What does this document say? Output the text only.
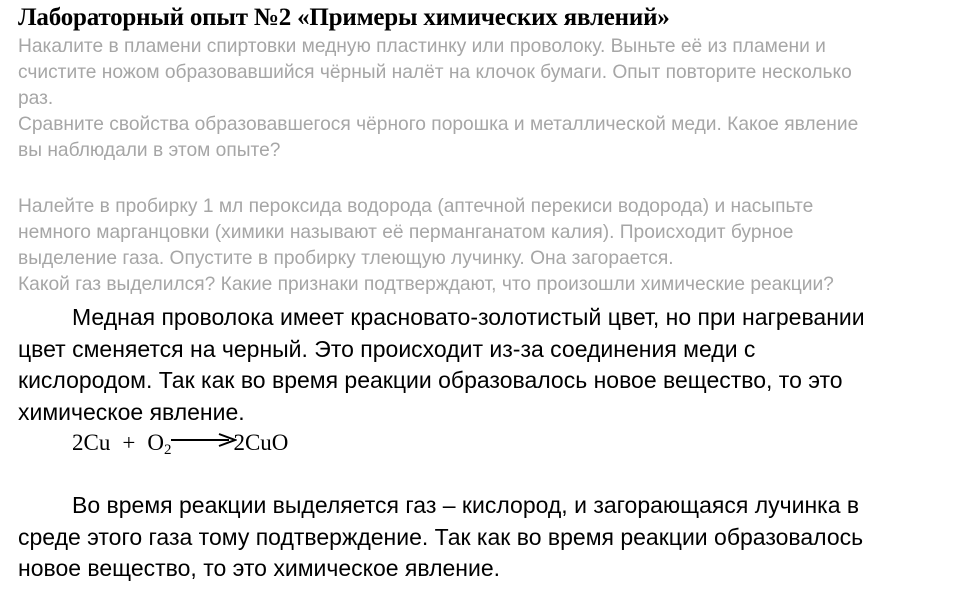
Лабораторный опыт №2 «Примеры химических явлений»
Накалите в пламени спиртовки медную пластинку или проволоку. Выньте её из пламени и
счистите ножом образовавшийся чёрный налёт на клочок бумаги. Опыт повторите несколько
раз.
Сравните свойства образовавшегося чёрного порошка и металлической меди. Какое явление
вы наблюдали в этом опыте?
Налейте в пробирку 1 мл пероксида водорода (аптечной перекиси водорода) и насыпьте
немного марганцовки (химики называют её перманганатом калия). Происходит бурное
выделение газа. Опустите в пробирку тлеющую лучинку. Она загорается.
Какой газ выделился? Какие признаки подтверждают, что произошли химические реакции?
Медная проволока имеет красновато-золотистый цвет, но при нагревании
цвет сменяется на черный. Это происходит из-за соединения меди с
кислородом. Так как во время реакции образовалось новое вещество, то это
химическое явление.
$2Cu + O_2$	2CuO
Во время реакции выделяется газ – кислород, и загорающаяся лучинка в
среде этого газа тому подтверждение. Так как во время реакции образовалось
новое вещество, то это химическое явление.
